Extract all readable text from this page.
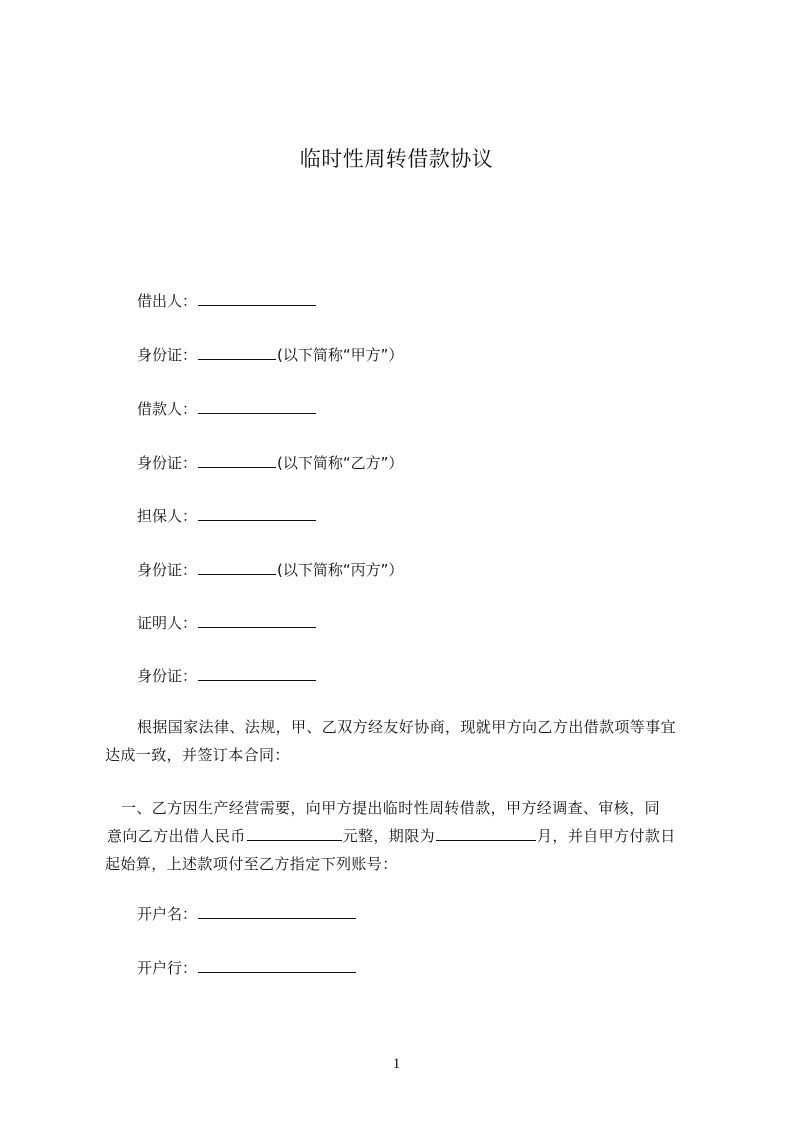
临时性周转借款协议
借出人：
身份证：	(以下简称“甲方”）
借款人：
身份证：	(以下简称“乙方”）
担保人：
身份证：	(以下简称“丙方”）
证明人：
身份证：
根据国家法律、法规，甲、乙双方经友好协商，现就甲方向乙方出借款项等事宜
达成一致，并签订本合同：
一、乙方因生产经营需要，向甲方提出临时性周转借款，甲方经调查、审核，同
意向乙方出借人民币	元整，期限为	月，并自甲方付款日
起始算，上述款项付至乙方指定下列账号：
开户名：
开户行：
1
